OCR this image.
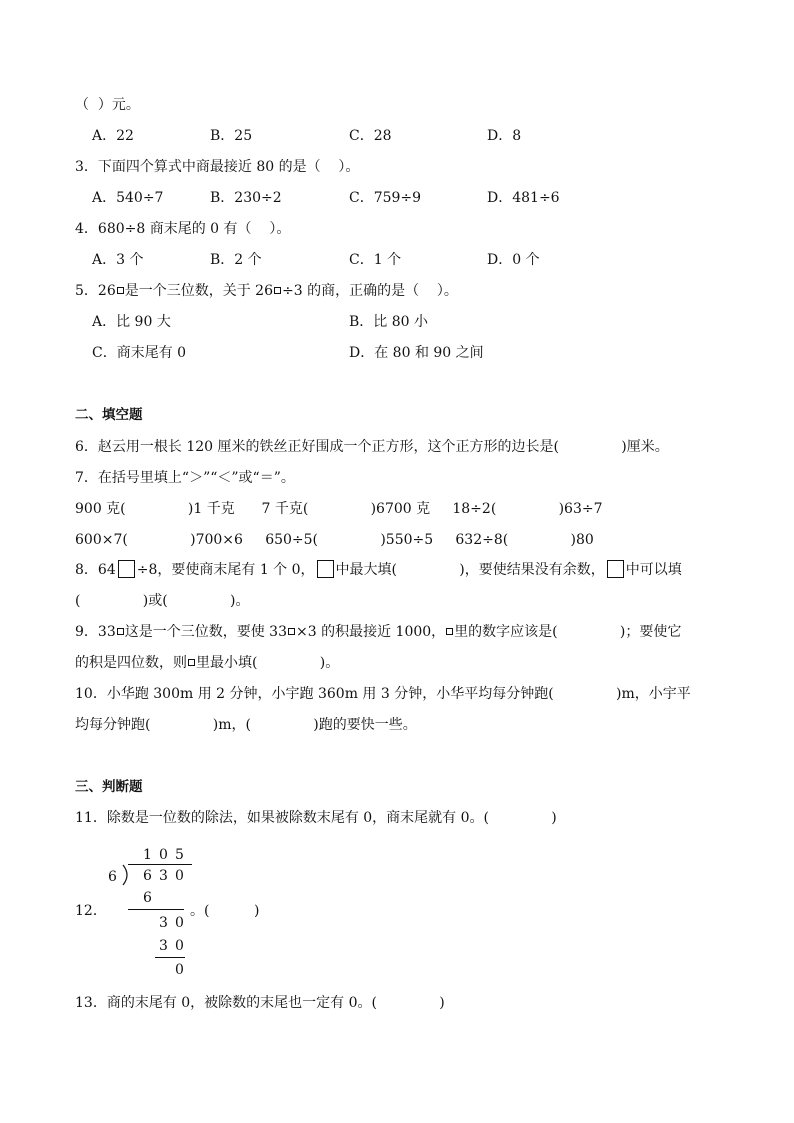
（  ）元。
A．22	B．25	C．28	D．8
3．下面四个算式中商最接近 80 的是（    ）。
A．540÷7	B．230÷2	C．759÷9	D．481÷6
4．680÷8 商末尾的 0 有（    ）。
A．3 个	B．2 个	C．1 个	D．0 个
5．26 是一个三位数，关于 26 ÷3 的商，正确的是（    ）。
A．比 90 大	B．比 80 小
C．商末尾有 0	D．在 80 和 90 之间
二、填空题
6．赵云用一根长 120 厘米的铁丝正好围成一个正方形，这个正方形的边长是(              )厘米。
7．在括号里填上“＞”“＜”或“＝”。
900 克(              )1 千克      7 千克(              )6700 克     18÷2(              )63÷7
600×7(              )700×6     650÷5(              )550÷5     632÷8(              )80
8．64 ÷8，要使商末尾有 1 个 0， 中最大填(              )，要使结果没有余数， 中可以填
(              )或(              )。
9．33 这是一个三位数，要使 33 ×3 的积最接近 1000， 里的数字应该是(              )；要使它
的积是四位数，则 里最小填(              )。
10．小华跑 300m 用 2 分钟，小宇跑 360m 用 3 分钟，小华平均每分钟跑(              )m，小宇平
均每分钟跑(              )m，(              )跑的要快一些。
三、判断题
11．除数是一位数的除法，如果被除数末尾有 0，商末尾就有 0。(              )
12．
1 0 5
6 6 3 0
6
3 0
3 0
0
。(          )
13．商的末尾有 0，被除数的末尾也一定有 0。(              )
